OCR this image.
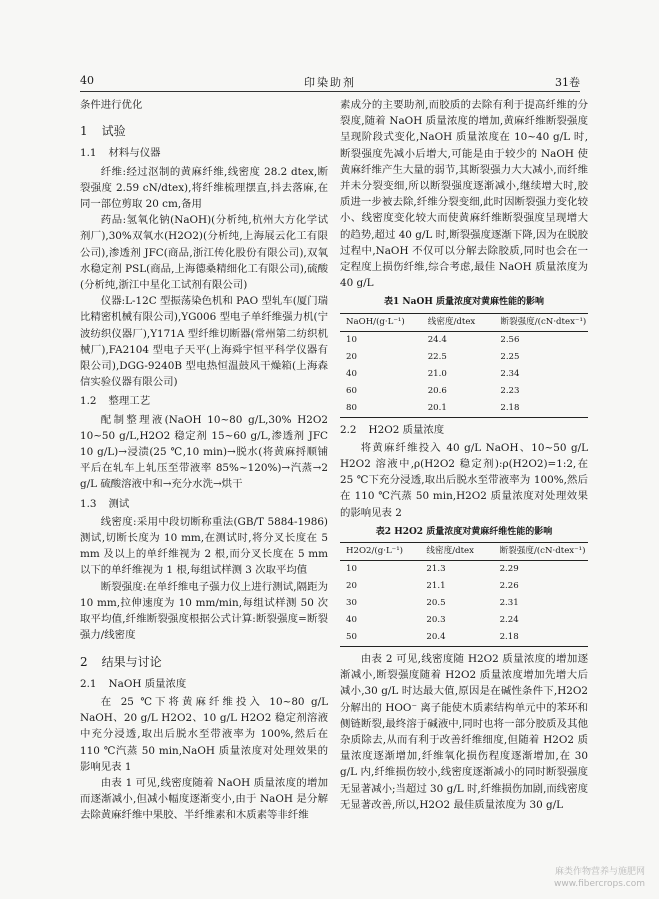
40	印染助剂	31卷

条件进行优化

1 试验
1.1 材料与仪器

纤维:经过沤制的黄麻纤维,线密度 28.2 dtex,断裂强度 2.59 cN/dtex),将纤维梳理摆直,抖去落麻,在同一部位剪取 20 cm,备用

药品:氢氧化钠(NaOH)(分析纯,杭州大方化学试剂厂),30%双氧水(H2O2)(分析纯,上海展云化工有限公司),渗透剂 JFC(商品,浙江传化股份有限公司),双氧水稳定剂 PSL(商品,上海德桑精细化工有限公司),硫酸(分析纯,浙江中星化工试剂有限公司)

仪器:L-12C 型振荡染色机和 PAO 型轧车(厦门瑞比精密机械有限公司),YG006 型电子单纤维强力机(宁波纺织仪器厂),Y171A 型纤维切断器(常州第二纺织机械厂),FA2104 型电子天平(上海舜宇恒平科学仪器有限公司),DGG-9240B 型电热恒温鼓风干燥箱(上海森信实验仪器有限公司)

1.2 整理工艺

配制整理液(NaOH 10~80 g/L,30% H2O2 10~50 g/L,H2O2 稳定剂 15~60 g/L,渗透剂 JFC 10 g/L)→浸渍(25 ℃,10 min)→脱水(将黄麻捋顺铺平后在轧车上轧压至带液率 85%~120%)→汽蒸→2 g/L 硫酸溶液中和→充分水洗→烘干

1.3 测试

线密度:采用中段切断称重法(GB/T 5884-1986)测试,切断长度为 10 mm,在测试时,将分叉长度在 5 mm 及以上的单纤维视为 2 根,而分叉长度在 5 mm 以下的单纤维视为 1 根,每组试样测 3 次取平均值

断裂强度:在单纤维电子强力仪上进行测试,隔距为 10 mm,拉伸速度为 10 mm/min,每组试样测 50 次取平均值,纤维断裂强度根据公式计算:断裂强度=断裂强力/线密度

2 结果与讨论
2.1 NaOH 质量浓度

在 25 ℃下将黄麻纤维投入 10~80 g/L NaOH、20 g/L H2O2、10 g/L H2O2 稳定剂溶液中充分浸透,取出后脱水至带液率为 100%,然后在 110 ℃汽蒸 50 min,NaOH 质量浓度对处理效果的影响见表 1

由表 1 可见,线密度随着 NaOH 质量浓度的增加而逐渐减小,但减小幅度逐渐变小,由于 NaOH 是分解去除黄麻纤维中果胶、半纤维素和木质素等非纤维

素成分的主要助剂,而胶质的去除有利于提高纤维的分裂度,随着 NaOH 质量浓度的增加,黄麻纤维断裂强度呈现阶段式变化,NaOH 质量浓度在 10~40 g/L 时,断裂强度先减小后增大,可能是由于较少的 NaOH 使黄麻纤维产生大量的弱节,其断裂强力大大减小,而纤维并未分裂变细,所以断裂强度逐渐减小,继续增大时,胶质进一步被去除,纤维分裂变细,此时因断裂强力变化较小、线密度变化较大而使黄麻纤维断裂强度呈现增大的趋势,超过 40 g/L 时,断裂强度逐渐下降,因为在脱胶过程中,NaOH 不仅可以分解去除胶质,同时也会在一定程度上损伤纤维,综合考虑,最佳 NaOH 质量浓度为 40 g/L

表1 NaOH 质量浓度对黄麻性能的影响
NaOH/(g·L⁻¹)	线密度/dtex	断裂强度/(cN·dtex⁻¹)
10	24.4	2.56
20	22.5	2.25
40	21.0	2.34
60	20.6	2.23
80	20.1	2.18
2.2 H2O2 质量浓度

将黄麻纤维投入 40 g/L NaOH、10~50 g/L H2O2 溶液中,ρ(H2O2 稳定剂):ρ(H2O2)=1:2,在 25 ℃下充分浸透,取出后脱水至带液率为 100%,然后在 110 ℃汽蒸 50 min,H2O2 质量浓度对处理效果的影响见表 2

表2 H2O2 质量浓度对黄麻纤维性能的影响
H2O2/(g·L⁻¹)	线密度/dtex	断裂强度/(cN·dtex⁻¹)
10	21.3	2.29
20	21.1	2.26
30	20.5	2.31
40	20.3	2.24
50	20.4	2.18

由表 2 可见,线密度随 H2O2 质量浓度的增加逐渐减小,断裂强度随着 H2O2 质量浓度增加先增大后减小,30 g/L 时达最大值,原因是在碱性条件下,H2O2 分解出的 HOO⁻ 离子能使木质素结构单元中的苯环和侧链断裂,最终溶于碱液中,同时也将一部分胶质及其他杂质除去,从而有利于改善纤维细度,但随着 H2O2 质量浓度逐渐增加,纤维氧化损伤程度逐渐增加,在 30 g/L 内,纤维损伤较小,线密度逐渐减小的同时断裂强度无显著减小;当超过 30 g/L 时,纤维损伤加剧,而线密度无显著改善,所以,H2O2 最佳质量浓度为 30 g/L

麻类作物营养与施肥网
www.fibercrops.com
